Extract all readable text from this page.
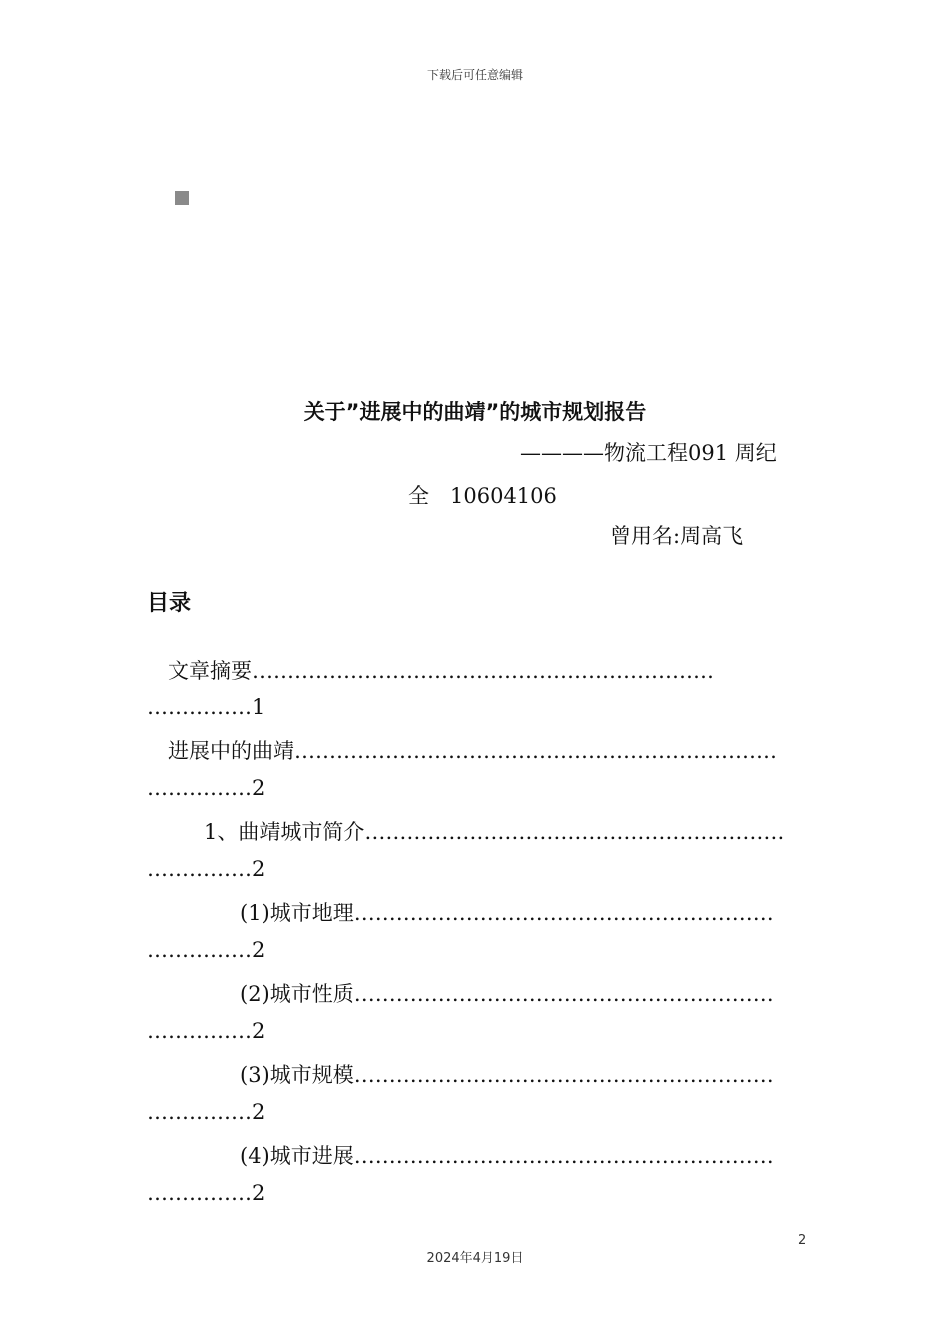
下载后可任意编辑
关于”进展中的曲靖”的城市规划报告
————物流工程091 周纪
全　10604106
曾用名:周高飞
目录
文章摘要…………………………………………………………
……………1
进展中的曲靖……………………………………………………………
……………2
1、曲靖城市简介……………………………………………………
……………2
(1)城市地理……………………………………………………
……………2
(2)城市性质……………………………………………………
……………2
(3)城市规模……………………………………………………
……………2
(4)城市进展……………………………………………………
……………2
2
2024年4月19日
